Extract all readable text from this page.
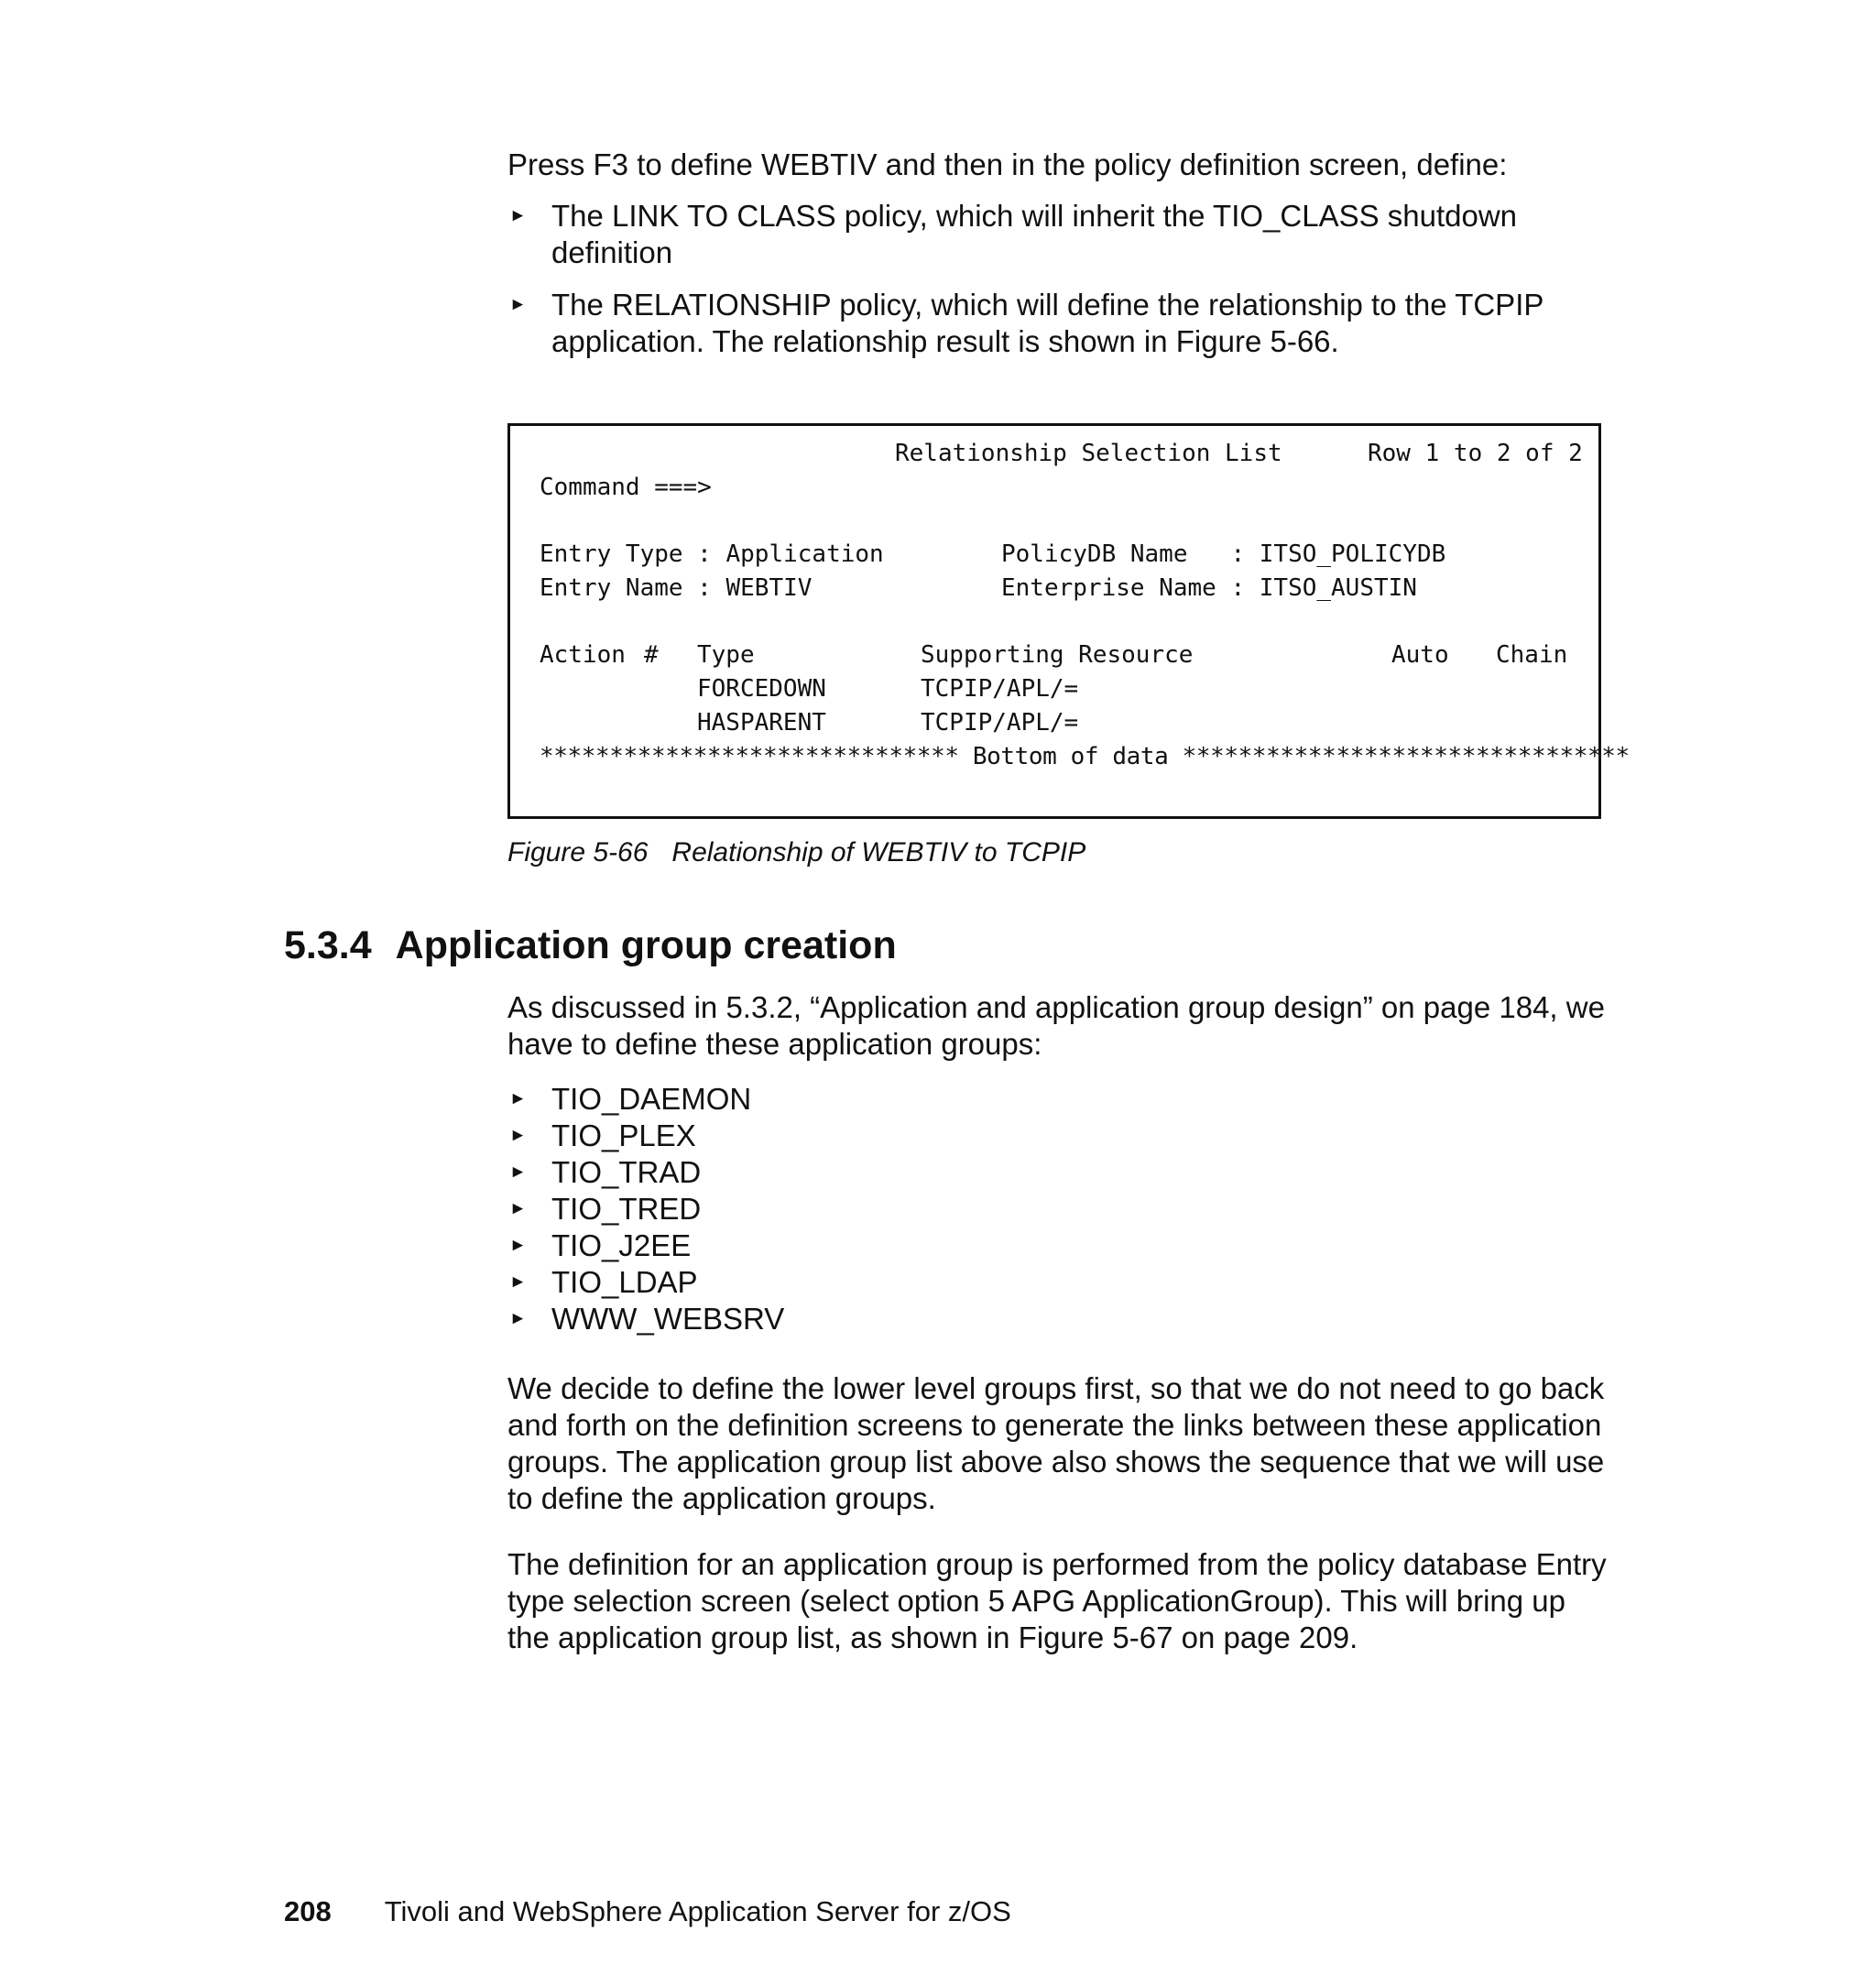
Press F3 to define WEBTIV and then in the policy definition screen, define:

► The LINK TO CLASS policy, which will inherit the TIO_CLASS shutdown definition
► The RELATIONSHIP policy, which will define the relationship to the TCPIP application. The relationship result is shown in Figure 5-66.
Relationship Selection List	Row 1 to 2 of 2
Command ===>
Entry Type : Application	PolicyDB Name   : ITSO_POLICYDB
Entry Name : WEBTIV	Enterprise Name : ITSO_AUSTIN
Action # Type	Supporting Resource	Auto Chain
FORCEDOWN	TCPIP/APL/=
HASPARENT	TCPIP/APL/=
****************************** Bottom of data ********************************
Figure 5-66 Relationship of WEBTIV to TCPIP
5.3.4 Application group creation

As discussed in 5.3.2, “Application and application group design” on page 184, we have to define these application groups:

► TIO_DAEMON
► TIO_PLEX
► TIO_TRAD
► TIO_TRED
► TIO_J2EE
► TIO_LDAP
► WWW_WEBSRV

We decide to define the lower level groups first, so that we do not need to go back and forth on the definition screens to generate the links between these application groups. The application group list above also shows the sequence that we will use to define the application groups.

The definition for an application group is performed from the policy database Entry type selection screen (select option 5 APG ApplicationGroup). This will bring up the application group list, as shown in Figure 5-67 on page 209.

208 Tivoli and WebSphere Application Server for z/OS
